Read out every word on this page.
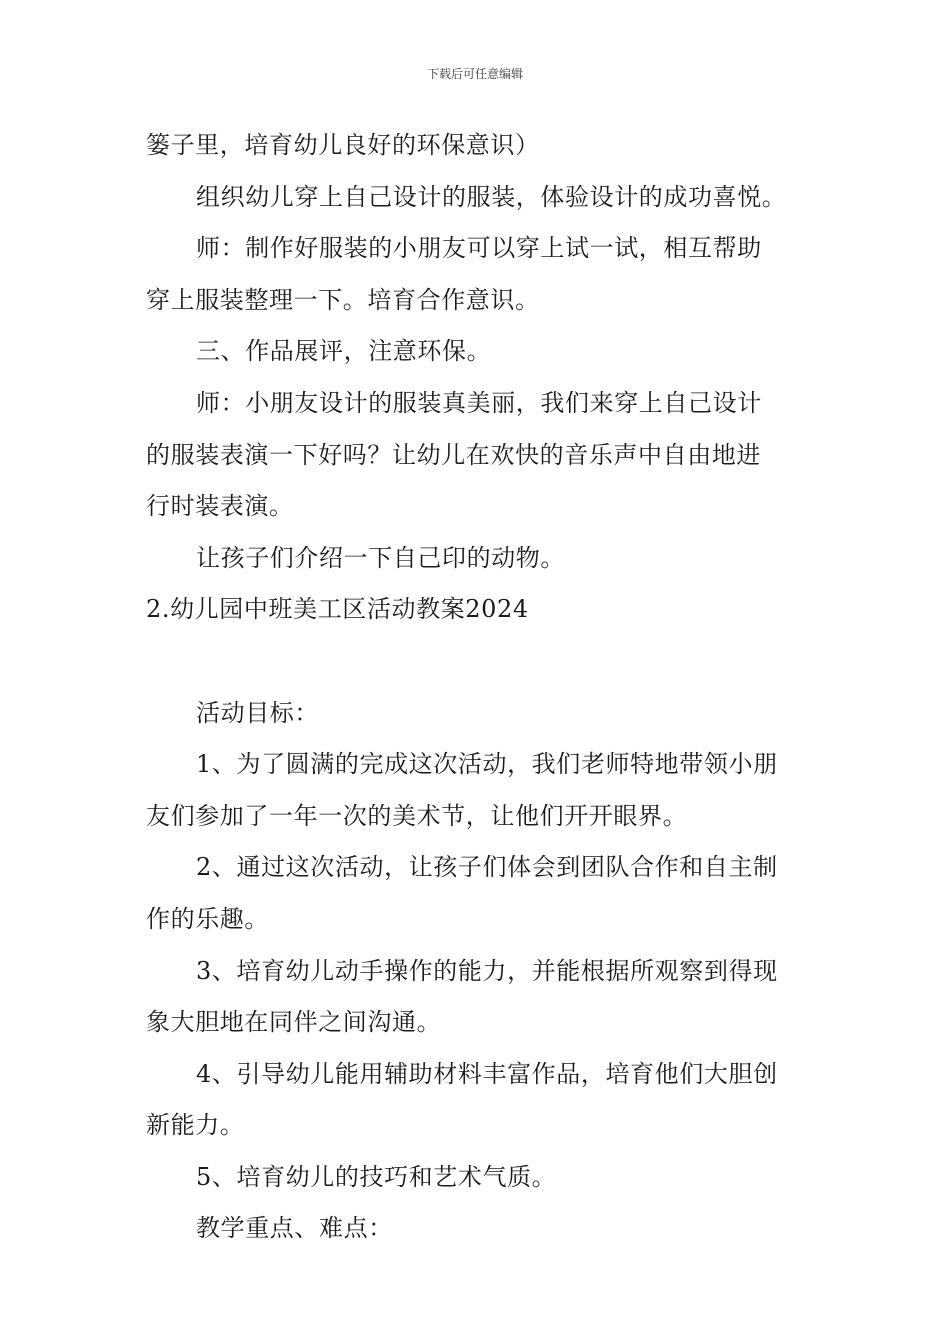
下载后可任意编辑
篓子里，培育幼儿良好的环保意识）
组织幼儿穿上自己设计的服装，体验设计的成功喜悦。
师：制作好服装的小朋友可以穿上试一试，相互帮助
穿上服装整理一下。培育合作意识。
三、作品展评，注意环保。
师：小朋友设计的服装真美丽，我们来穿上自己设计
的服装表演一下好吗？让幼儿在欢快的音乐声中自由地进
行时装表演。
让孩子们介绍一下自己印的动物。
2.幼儿园中班美工区活动教案2024
活动目标：
1、为了圆满的完成这次活动，我们老师特地带领小朋
友们参加了一年一次的美术节，让他们开开眼界。
2、通过这次活动，让孩子们体会到团队合作和自主制
作的乐趣。
3、培育幼儿动手操作的能力，并能根据所观察到得现
象大胆地在同伴之间沟通。
4、引导幼儿能用辅助材料丰富作品，培育他们大胆创
新能力。
5、培育幼儿的技巧和艺术气质。
教学重点、难点：
